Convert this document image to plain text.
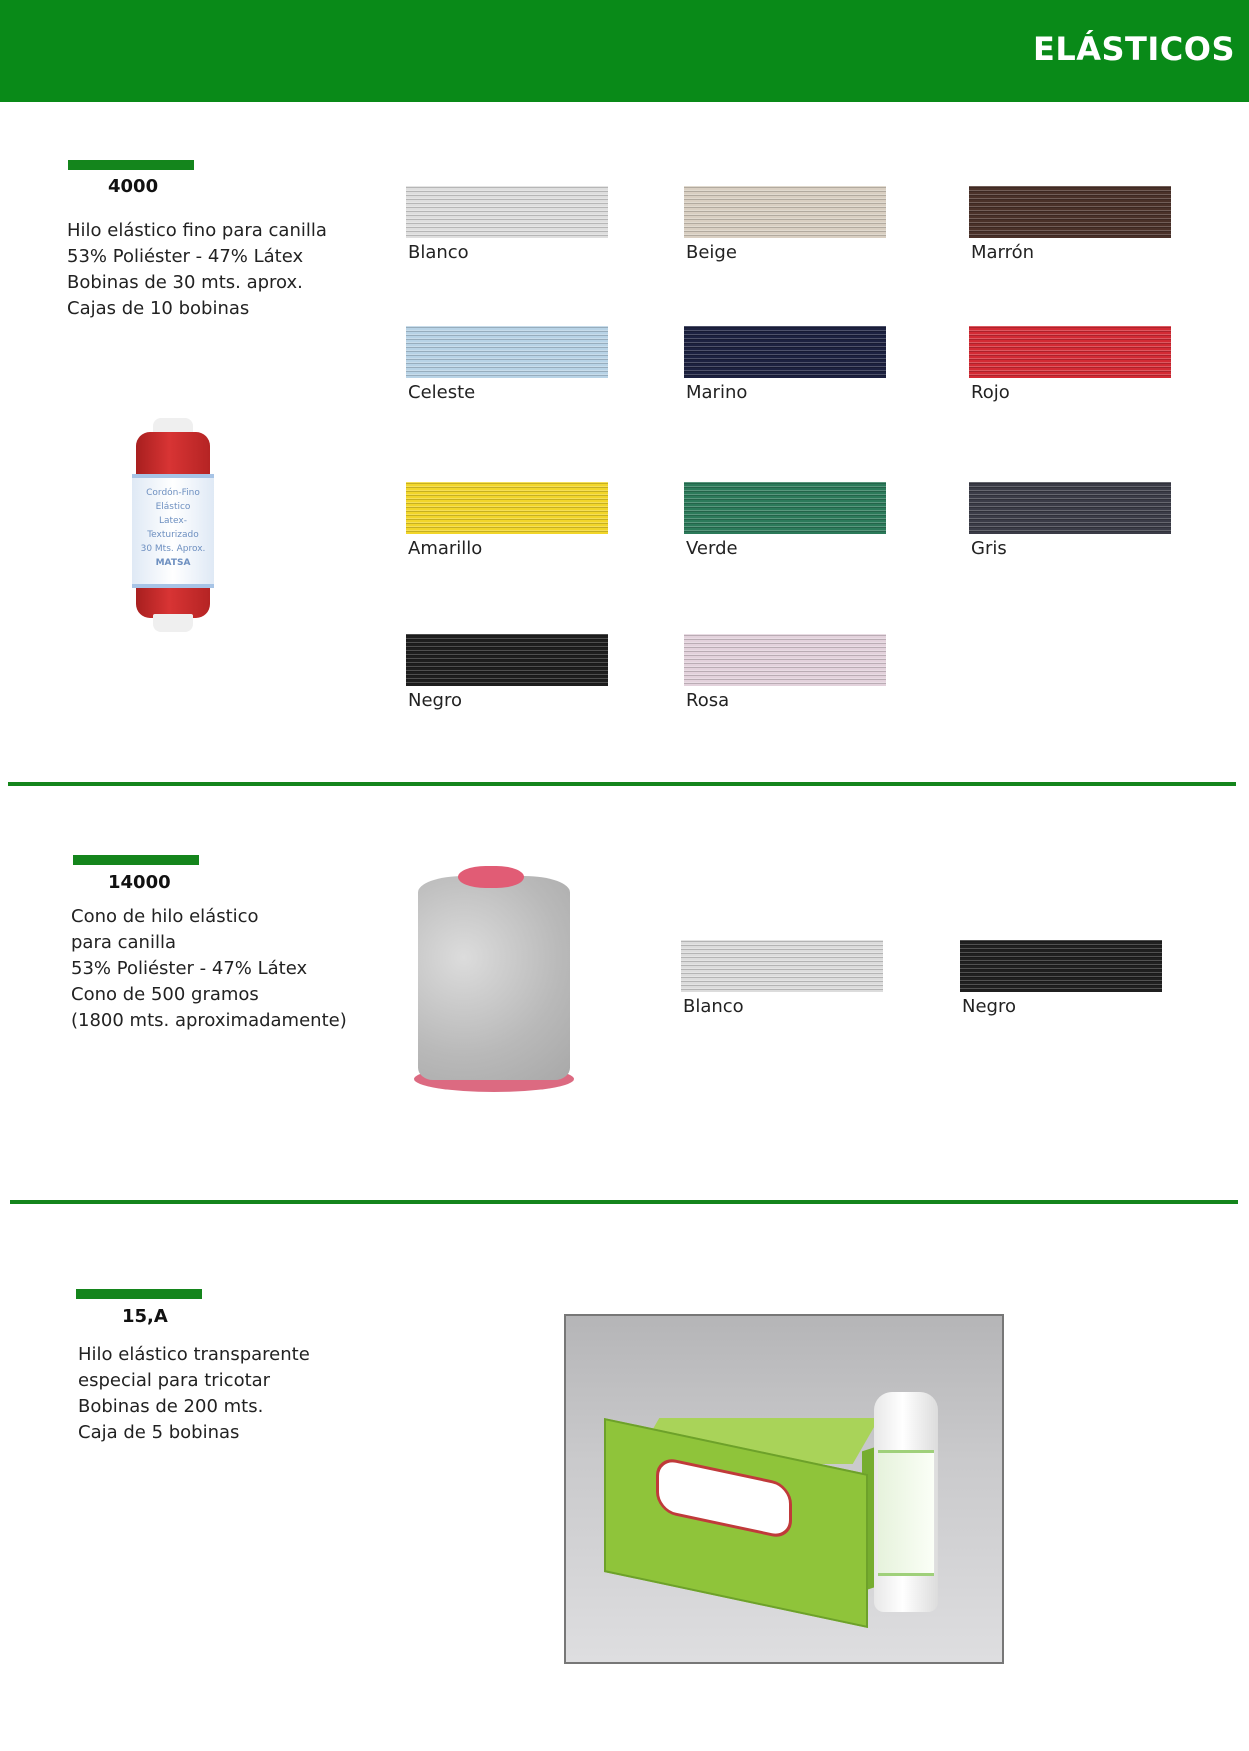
ELÁSTICOS
4000
Hilo elástico fino para canilla
53% Poliéster - 47% Látex
Bobinas de 30 mts. aprox.
Cajas de 10 bobinas
Cordón-Fino
Elástico
Latex-Texturizado
30 Mts. Aprox.
MATSA
Blanco	Beige	Marrón
Celeste	Marino	Rojo
Amarillo	Verde	Gris
Negro	Rosa
14000
Cono de hilo elástico
para canilla
53% Poliéster - 47% Látex
Cono de 500 gramos
(1800 mts. aproximadamente)
Blanco	Negro
15,A
Hilo elástico transparente
especial para tricotar
Bobinas de 200 mts.
Caja de 5 bobinas
